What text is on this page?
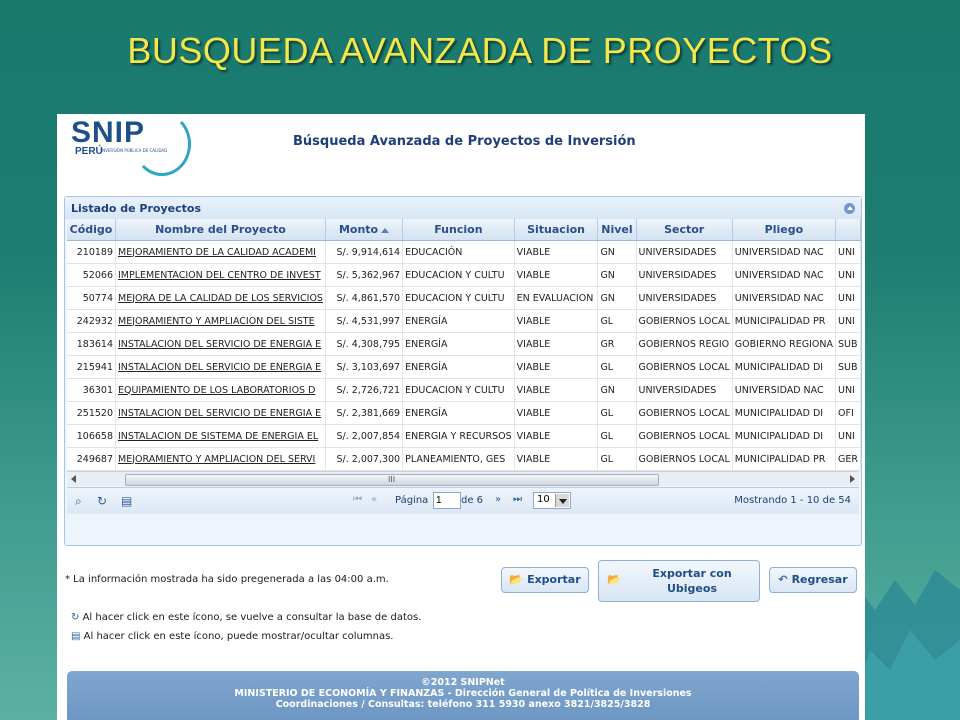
BUSQUEDA AVANZADA DE PROYECTOS
SNIP
PERÚ
INVERSIÓN PÚBLICA DE CALIDAD
Búsqueda Avanzada de Proyectos de Inversión
Listado de Proyectos
Código	Nombre del Proyecto	Monto	Funcion	Situacion	Nivel	Sector	Pliego	
210189	MEJORAMIENTO DE LA CALIDAD ACADEMI	S/. 9,914,614	EDUCACIÓN	VIABLE	GN	UNIVERSIDADES	UNIVERSIDAD NAC	UNI
52066	IMPLEMENTACION DEL CENTRO DE INVEST	S/. 5,362,967	EDUCACION Y CULTU	VIABLE	GN	UNIVERSIDADES	UNIVERSIDAD NAC	UNI
50774	MEJORA DE LA CALIDAD DE LOS SERVICIOS	S/. 4,861,570	EDUCACION Y CULTU	EN EVALUACION	GN	UNIVERSIDADES	UNIVERSIDAD NAC	UNI
242932	MEJORAMIENTO Y AMPLIACION DEL SISTE	S/. 4,531,997	ENERGÍA	VIABLE	GL	GOBIERNOS LOCAL	MUNICIPALIDAD PR	UNI
183614	INSTALACION DEL SERVICIO DE ENERGIA E	S/. 4,308,795	ENERGÍA	VIABLE	GR	GOBIERNOS REGIO	GOBIERNO REGIONA	SUB
215941	INSTALACION DEL SERVICIO DE ENERGIA E	S/. 3,103,697	ENERGÍA	VIABLE	GL	GOBIERNOS LOCAL	MUNICIPALIDAD DI	SUB
36301	EQUIPAMIENTO DE LOS LABORATORIOS D	S/. 2,726,721	EDUCACION Y CULTU	VIABLE	GN	UNIVERSIDADES	UNIVERSIDAD NAC	UNI
251520	INSTALACION DEL SERVICIO DE ENERGIA E	S/. 2,381,669	ENERGÍA	VIABLE	GL	GOBIERNOS LOCAL	MUNICIPALIDAD DI	OFI
106658	INSTALACION DE SISTEMA DE ENERGIA EL	S/. 2,007,854	ENERGIA Y RECURSOS	VIABLE	GL	GOBIERNOS LOCAL	MUNICIPALIDAD DI	UNI
249687	MEJORAMIENTO Y AMPLIACION DEL SERVI	S/. 2,007,300	PLANEAMIENTO, GES	VIABLE	GL	GOBIERNOS LOCAL	MUNICIPALIDAD PR	GER
III
⌕ ↻ ▤	⏮ « Página
1	de 6 » ⏭ 10	Mostrando 1 - 10 de 54
* La información mostrada ha sido pregenerada a las 04:00 a.m.	📂 Exportar	📂	Exportar con Ubigeos
↶ Regresar
↻ Al hacer click en este ícono, se vuelve a consultar la base de datos.
▤ Al hacer click en este ícono, puede mostrar/ocultar columnas.
©2012 SNIPNet
MINISTERIO DE ECONOMÍA Y FINANZAS - Dirección General de Política de Inversiones
Coordinaciones / Consultas: teléfono 311 5930 anexo 3821/3825/3828
